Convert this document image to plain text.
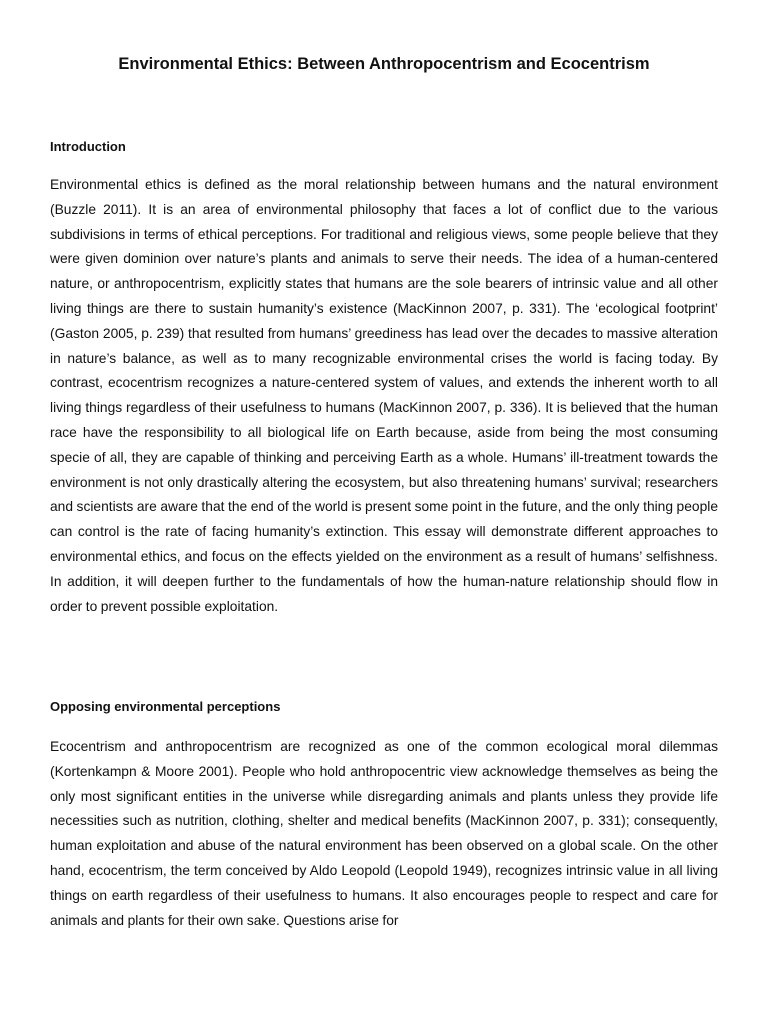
Environmental Ethics: Between Anthropocentrism and Ecocentrism
Introduction

Environmental ethics is defined as the moral relationship between humans and the natural environment (Buzzle 2011). It is an area of environmental philosophy that faces a lot of conflict due to the various subdivisions in terms of ethical perceptions. For traditional and religious views, some people believe that they were given dominion over nature’s plants and animals to serve their needs. The idea of a human-centered nature, or anthropocentrism, explicitly states that humans are the sole bearers of intrinsic value and all other living things are there to sustain humanity’s existence (MacKinnon 2007, p. 331). The ‘ecological footprint’ (Gaston 2005, p. 239) that resulted from humans’ greediness has lead over the decades to massive alteration in nature’s balance, as well as to many recognizable environmental crises the world is facing today. By contrast, ecocentrism recognizes a nature-centered system of values, and extends the inherent worth to all living things regardless of their usefulness to humans (MacKinnon 2007, p. 336). It is believed that the human race have the responsibility to all biological life on Earth because, aside from being the most consuming specie of all, they are capable of thinking and perceiving Earth as a whole. Humans’ ill-treatment towards the environment is not only drastically altering the ecosystem, but also threatening humans’ survival; researchers and scientists are aware that the end of the world is present some point in the future, and the only thing people can control is the rate of facing humanity’s extinction. This essay will demonstrate different approaches to environmental ethics, and focus on the effects yielded on the environment as a result of humans’ selfishness. In addition, it will deepen further to the fundamentals of how the human-nature relationship should flow in order to prevent possible exploitation.

Opposing environmental perceptions

Ecocentrism and anthropocentrism are recognized as one of the common ecological moral dilemmas (Kortenkampn & Moore 2001). People who hold anthropocentric view acknowledge themselves as being the only most significant entities in the universe while disregarding animals and plants unless they provide life necessities such as nutrition, clothing, shelter and medical benefits (MacKinnon 2007, p. 331); consequently, human exploitation and abuse of the natural environment has been observed on a global scale. On the other hand, ecocentrism, the term conceived by Aldo Leopold (Leopold 1949), recognizes intrinsic value in all living things on earth regardless of their usefulness to humans. It also encourages people to respect and care for animals and plants for their own sake. Questions arise for
